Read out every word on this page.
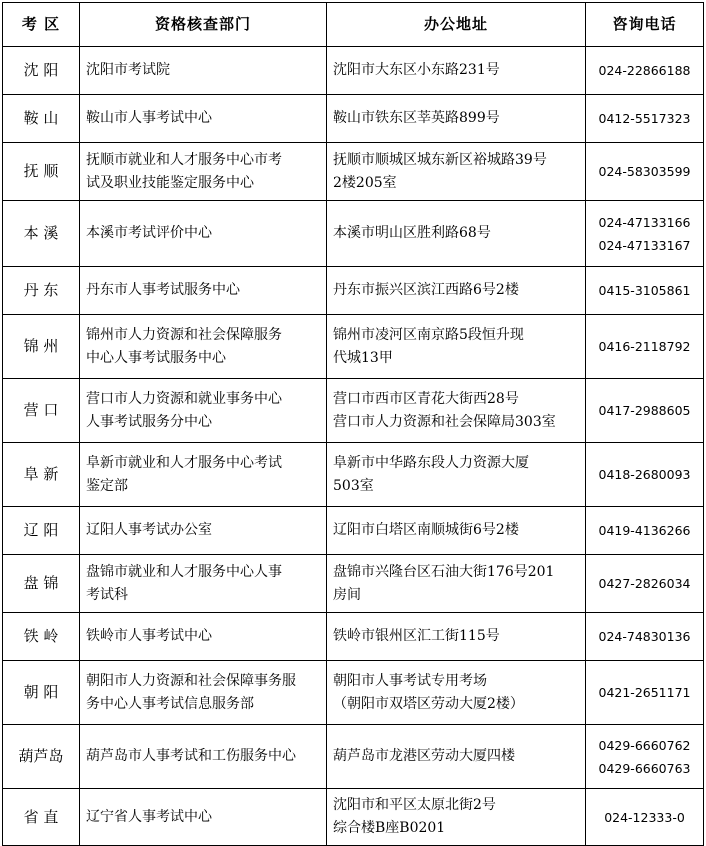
考 区	资格核查部门	办公地址	咨询电话
沈 阳	沈阳市考试院	沈阳市大东区小东路231号	024-22866188

鞍 山	鞍山市人事考试中心	鞍山市铁东区莘英路899号	0412-5517323

抚 顺	抚顺市就业和人才服务中心市考
试及职业技能鉴定服务中心	抚顺市顺城区城东新区裕城路39号
2楼205室	024-58303599

本 溪	本溪市考试评价中心	本溪市明山区胜利路68号	024-47133166
024-47133167

丹 东	丹东市人事考试服务中心	丹东市振兴区滨江西路6号2楼	0415-3105861

锦 州	锦州市人力资源和社会保障服务
中心人事考试服务中心	锦州市凌河区南京路5段恒升现
代城13甲	0416-2118792

营 口	营口市人力资源和就业事务中心
人事考试服务分中心	营口市西市区青花大街西28号
营口市人力资源和社会保障局303室	0417-2988605

阜 新	阜新市就业和人才服务中心考试
鉴定部	阜新市中华路东段人力资源大厦
503室	0418-2680093

辽 阳	辽阳人事考试办公室	辽阳市白塔区南顺城街6号2楼	0419-4136266

盘 锦	盘锦市就业和人才服务中心人事
考试科	盘锦市兴隆台区石油大街176号201
房间	0427-2826034

铁 岭	铁岭市人事考试中心	铁岭市银州区汇工街115号	024-74830136

朝 阳	朝阳市人力资源和社会保障事务服
务中心人事考试信息服务部	朝阳市人事考试专用考场
（朝阳市双塔区劳动大厦2楼）	0421-2651171

葫芦岛	葫芦岛市人事考试和工伤服务中心	葫芦岛市龙港区劳动大厦四楼	0429-6660762
0429-6660763

省 直	辽宁省人事考试中心	沈阳市和平区太原北街2号
综合楼B座B0201	024-12333-0
